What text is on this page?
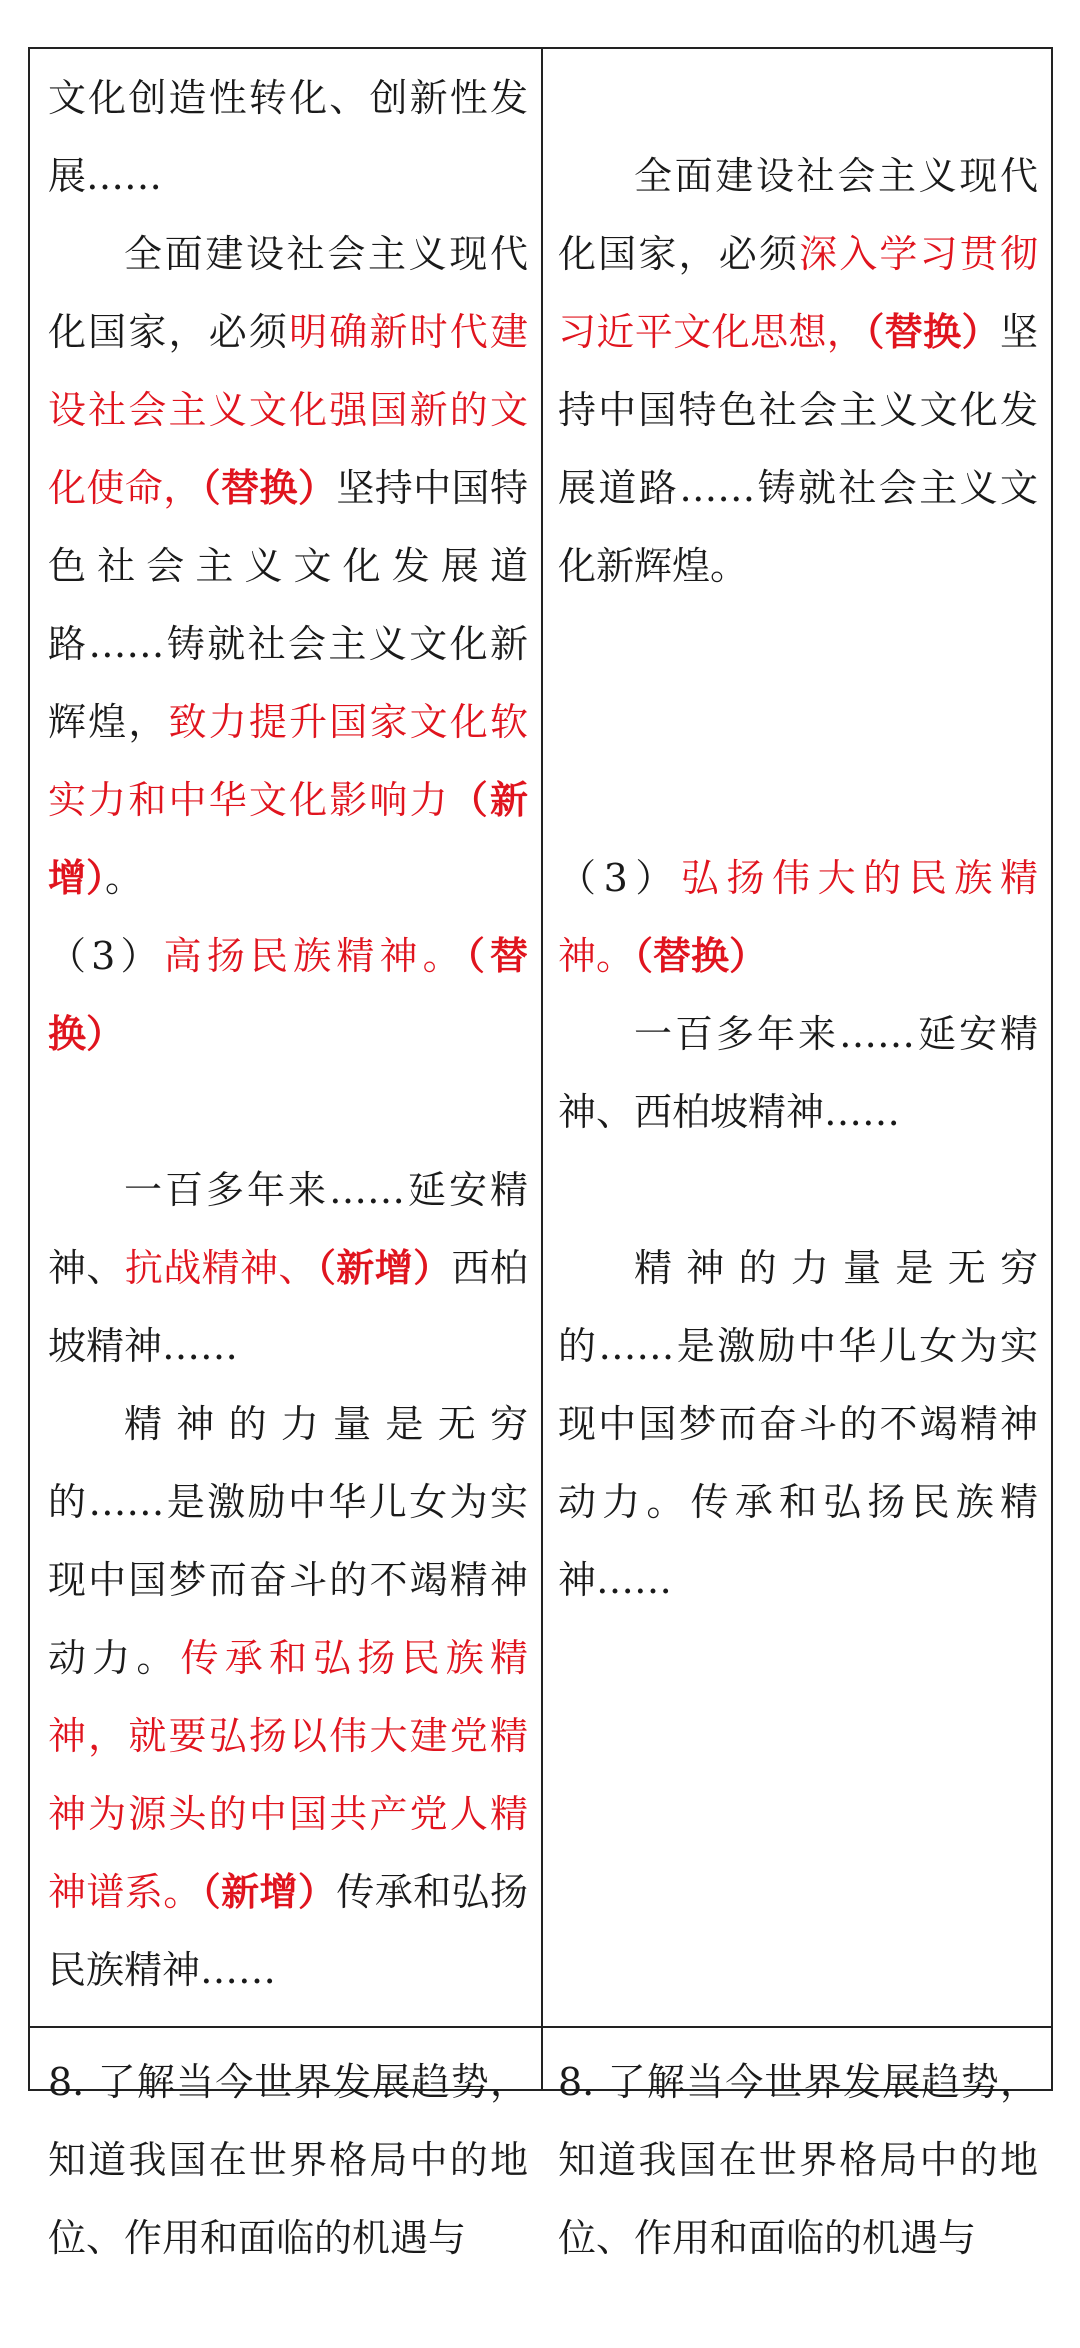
文化创造性转化、创新性发展……

全面建设社会主义现代化国家，必须明确新时代建设社会主义文化强国新的文化使命，（替换）坚持中国特色社会主义文化发展道路……铸就社会主义文化新辉煌，致力提升国家文化软实力和中华文化影响力（新增）。

（3）高扬民族精神。（替换）

一百多年来……延安精神、抗战精神、（新增）西柏坡精神……

精神的力量是无穷的……是激励中华儿女为实现中国梦而奋斗的不竭精神动力。传承和弘扬民族精神，就要弘扬以伟大建党精神为源头的中国共产党人精神谱系。（新增）传承和弘扬民族精神……

全面建设社会主义现代化国家，必须深入学习贯彻习近平文化思想，（替换）坚持中国特色社会主义文化发展道路……铸就社会主义文化新辉煌。

（3）弘扬伟大的民族精神。（替换）

一百多年来……延安精神、西柏坡精神……

精神的力量是无穷的……是激励中华儿女为实现中国梦而奋斗的不竭精神动力。传承和弘扬民族精神……

8. 了解当今世界发展趋势，知道我国在世界格局中的地位、作用和面临的机遇与

8. 了解当今世界发展趋势，知道我国在世界格局中的地位、作用和面临的机遇与
